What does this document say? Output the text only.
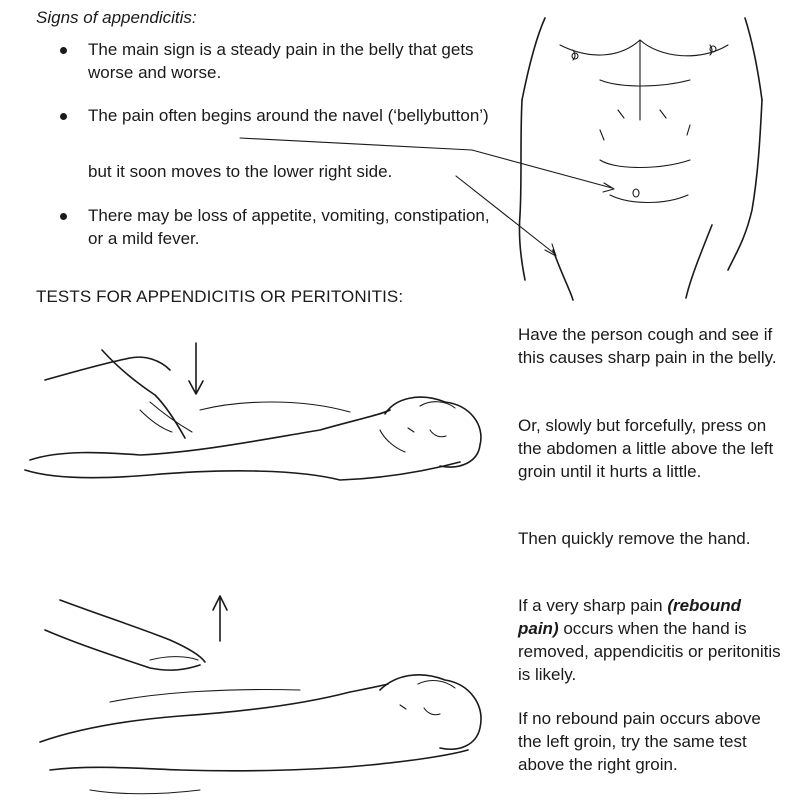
Signs of appendicitis:
The main sign is a steady pain in the belly that gets worse and worse.
The pain often begins around the navel (‘bellybutton’)
but it soon moves to the lower right side.
There may be loss of appetite, vomiting, constipation, or a mild fever.
TESTS FOR APPENDICITIS OR PERITONITIS:
Have the person cough and see if this causes sharp pain in the belly.
Or, slowly but forcefully, press on the abdomen a little above the left groin until it hurts a little.
Then quickly remove the hand.
If a very sharp pain (rebound pain) occurs when the hand is removed, appendicitis or peritonitis is likely.
If no rebound pain occurs above the left groin, try the same test above the right groin.
